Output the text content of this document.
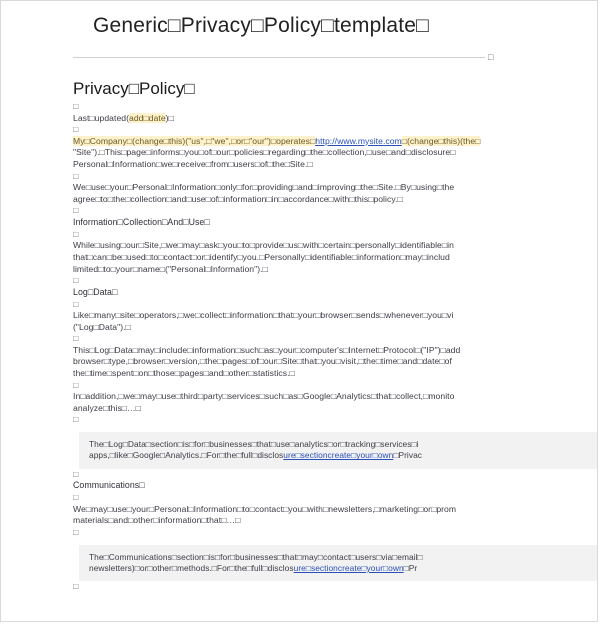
Generic□Privacy□Policy□template□
□
Privacy□Policy□

□

Last□updated(add□date)□

□

My□Company□(change□this)("us",□"we",□or□"our")□operates□http://www.mysite.com□(change□this)(the□

"Site").□This□page□informs□you□of□our□policies□regarding□the□collection,□use□and□disclosure□

Personal□Information□we□receive□from□users□of□the□Site.□

□

We□use□your□Personal□Information□only□for□providing□and□improving□the□Site.□By□using□the

agree□to□the□collection□and□use□of□information□in□accordance□with□this□policy.□

□

Information□Collection□And□Use□

□

While□using□our□Site,□we□may□ask□you□to□provide□us□with□certain□personally□identifiable□in

that□can□be□used□to□contact□or□identify□you.□Personally□identifiable□information□may□includ

limited□to□your□name□("Personal□Information").□

□

Log□Data□

□

Like□many□site□operators,□we□collect□information□that□your□browser□sends□whenever□you□vi

("Log□Data").□

□

This□Log□Data□may□include□information□such□as□your□computer's□Internet□Protocol□("IP")□add

browser□type,□browser□version,□the□pages□of□our□Site□that□you□visit,□the□time□and□date□of

the□time□spent□on□those□pages□and□other□statistics.□

□

In□addition,□we□may□use□third□party□services□such□as□Google□Analytics□that□collect,□monito

analyze□this□…□

□

The□Log□Data□section□is□for□businesses□that□use□analytics□or□tracking□services□i

apps,□like□Google□Analytics.□For□the□full□disclosure□sectioncreate□your□own□Privac

□

Communications□

□

We□may□use□your□Personal□Information□to□contact□you□with□newsletters,□marketing□or□prom

materials□and□other□information□that□…□

□

The□Communications□section□is□for□businesses□that□may□contact□users□via□email□

newsletters)□or□other□methods.□For□the□full□disclosure□sectioncreate□your□own□Pr

□
